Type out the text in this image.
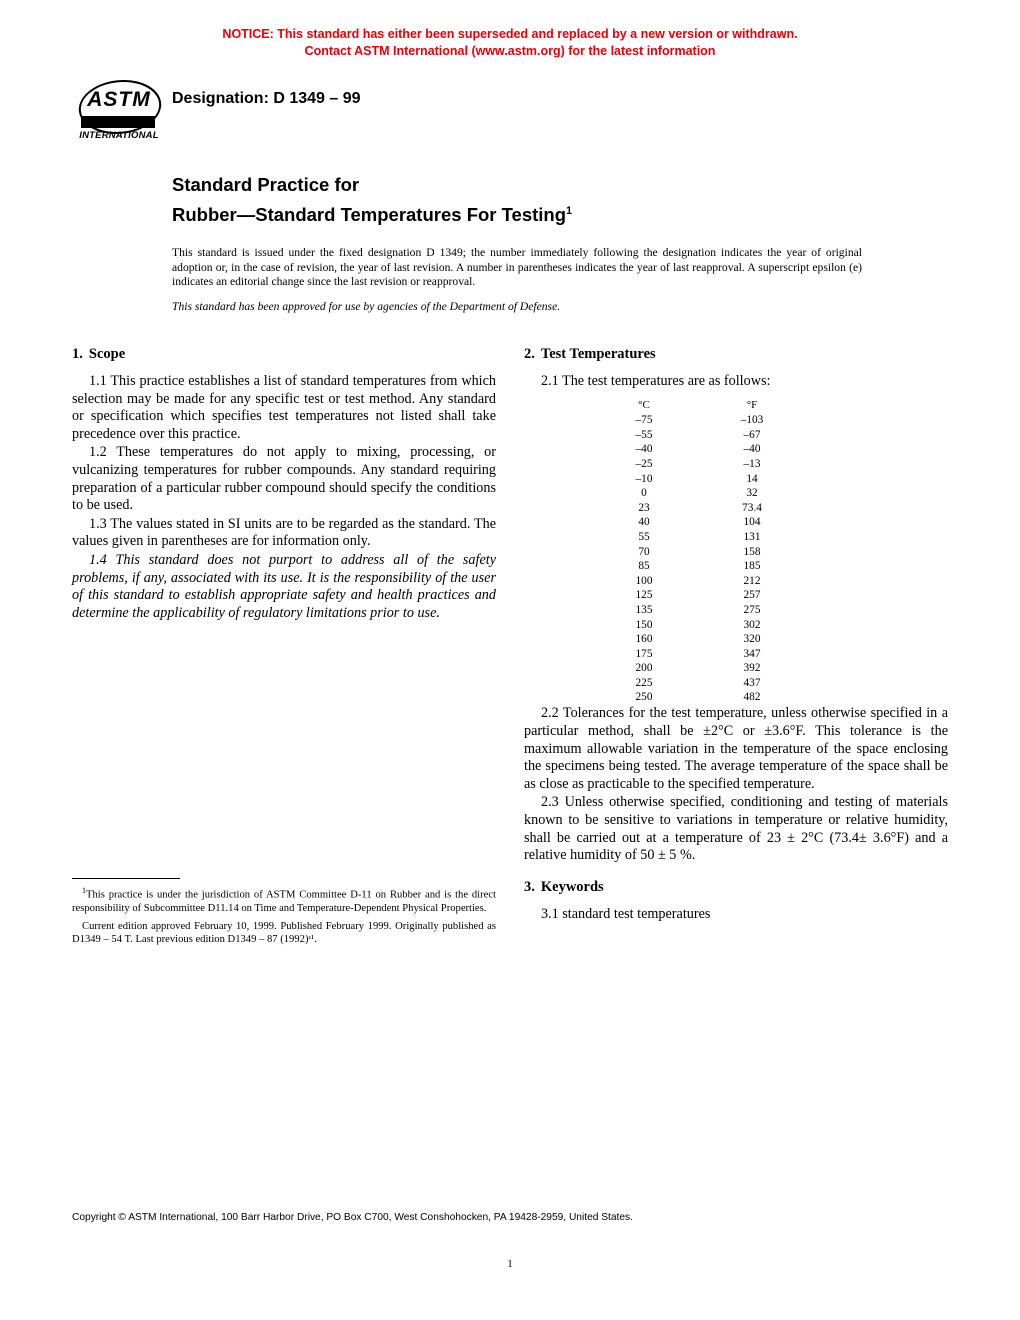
NOTICE: This standard has either been superseded and replaced by a new version or withdrawn.
Contact ASTM International (www.astm.org) for the latest information
ASTM
INTERNATIONAL
Designation: D 1349 – 99
Standard Practice for
Rubber—Standard Temperatures For Testing$^1$
This standard is issued under the fixed designation D 1349; the number immediately following the designation indicates the year of original adoption or, in the case of revision, the year of last revision. A number in parentheses indicates the year of last reapproval. A superscript epsilon (e) indicates an editorial change since the last revision or reapproval.
This standard has been approved for use by agencies of the Department of Defense.
1. Scope

1.1 This practice establishes a list of standard temperatures from which selection may be made for any specific test or test method. Any standard or specification which specifies test temperatures not listed shall take precedence over this practice.

1.2 These temperatures do not apply to mixing, processing, or vulcanizing temperatures for rubber compounds. Any standard requiring preparation of a particular rubber compound should specify the conditions to be used.

1.3 The values stated in SI units are to be regarded as the standard. The values given in parentheses are for information only.

1.4 This standard does not purport to address all of the safety problems, if any, associated with its use. It is the responsibility of the user of this standard to establish appropriate safety and health practices and determine the applicability of regulatory limitations prior to use.

2. Test Temperatures

2.1 The test temperatures are as follows:

°C	°F
–75	–103
–55	–67
–40	–40
–25	–13
–10	14
0	32
23	73.4
40	104
55	131
70	158
85	185
100	212
125	257
135	275
150	302
160	320
175	347
200	392
225	437
250	482

2.2 Tolerances for the test temperature, unless otherwise specified in a particular method, shall be ±2°C or ±3.6°F. This tolerance is the maximum allowable variation in the temperature of the space enclosing the specimens being tested. The average temperature of the space shall be as close as practicable to the specified temperature.

2.3 Unless otherwise specified, conditioning and testing of materials known to be sensitive to variations in temperature or relative humidity, shall be carried out at a temperature of 23 ± 2°C (73.4± 3.6°F) and a relative humidity of 50 ± 5 %.

3. Keywords

3.1 standard test temperatures

$^1$This practice is under the jurisdiction of ASTM Committee D-11 on Rubber and is the direct responsibility of Subcommittee D11.14 on Time and Temperature-Dependent Physical Properties.

Current edition approved February 10, 1999. Published February 1999. Originally published as D1349 – 54 T. Last previous edition D1349 – 87 (1992)ᵋ¹.

Copyright © ASTM International, 100 Barr Harbor Drive, PO Box C700, West Conshohocken, PA 19428-2959, United States.
1
